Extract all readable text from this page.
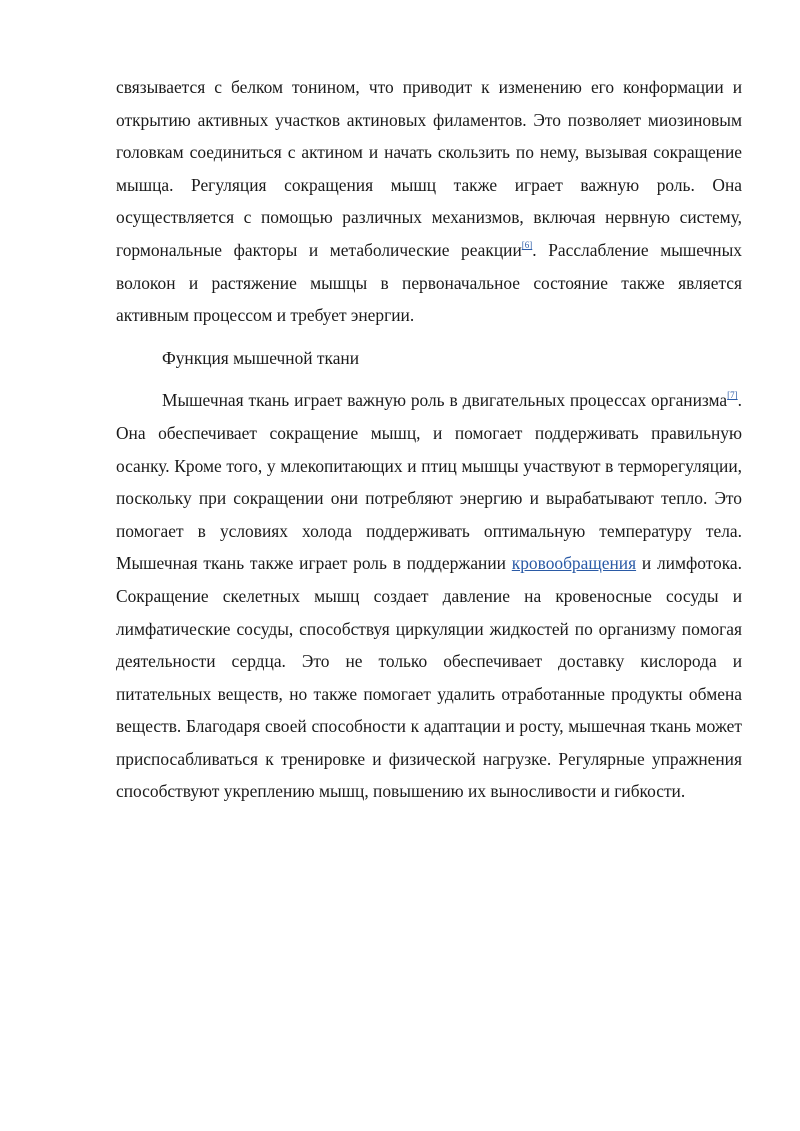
связывается с белком тонином, что приводит к изменению его конформации и открытию активных участков актиновых филаментов. Это позволяет миозиновым головкам соединиться с актином и начать скользить по нему, вызывая сокращение мышца. Регуляция сокращения мышц также играет важную роль. Она осуществляется с помощью различных механизмов, включая нервную систему, гормональные факторы и метаболические реакции[6]. Расслабление мышечных волокон и растяжение мышцы в первоначальное состояние также является активным процессом и требует энергии.

Функция мышечной ткани

Мышечная ткань играет важную роль в двигательных процессах организма[7]. Она обеспечивает сокращение мышц, и помогает поддерживать правильную осанку. Кроме того, у млекопитающих и птиц мышцы участвуют в терморегуляции, поскольку при сокращении они потребляют энергию и вырабатывают тепло. Это помогает в условиях холода поддерживать оптимальную температуру тела. Мышечная ткань также играет роль в поддержании кровообращения и лимфотока. Сокращение скелетных мышц создает давление на кровеносные сосуды и лимфатические сосуды, способствуя циркуляции жидкостей по организму помогая деятельности сердца. Это не только обеспечивает доставку кислорода и питательных веществ, но также помогает удалить отработанные продукты обмена веществ. Благодаря своей способности к адаптации и росту, мышечная ткань может приспосабливаться к тренировке и физической нагрузке. Регулярные упражнения способствуют укреплению мышц, повышению их выносливости и гибкости.
